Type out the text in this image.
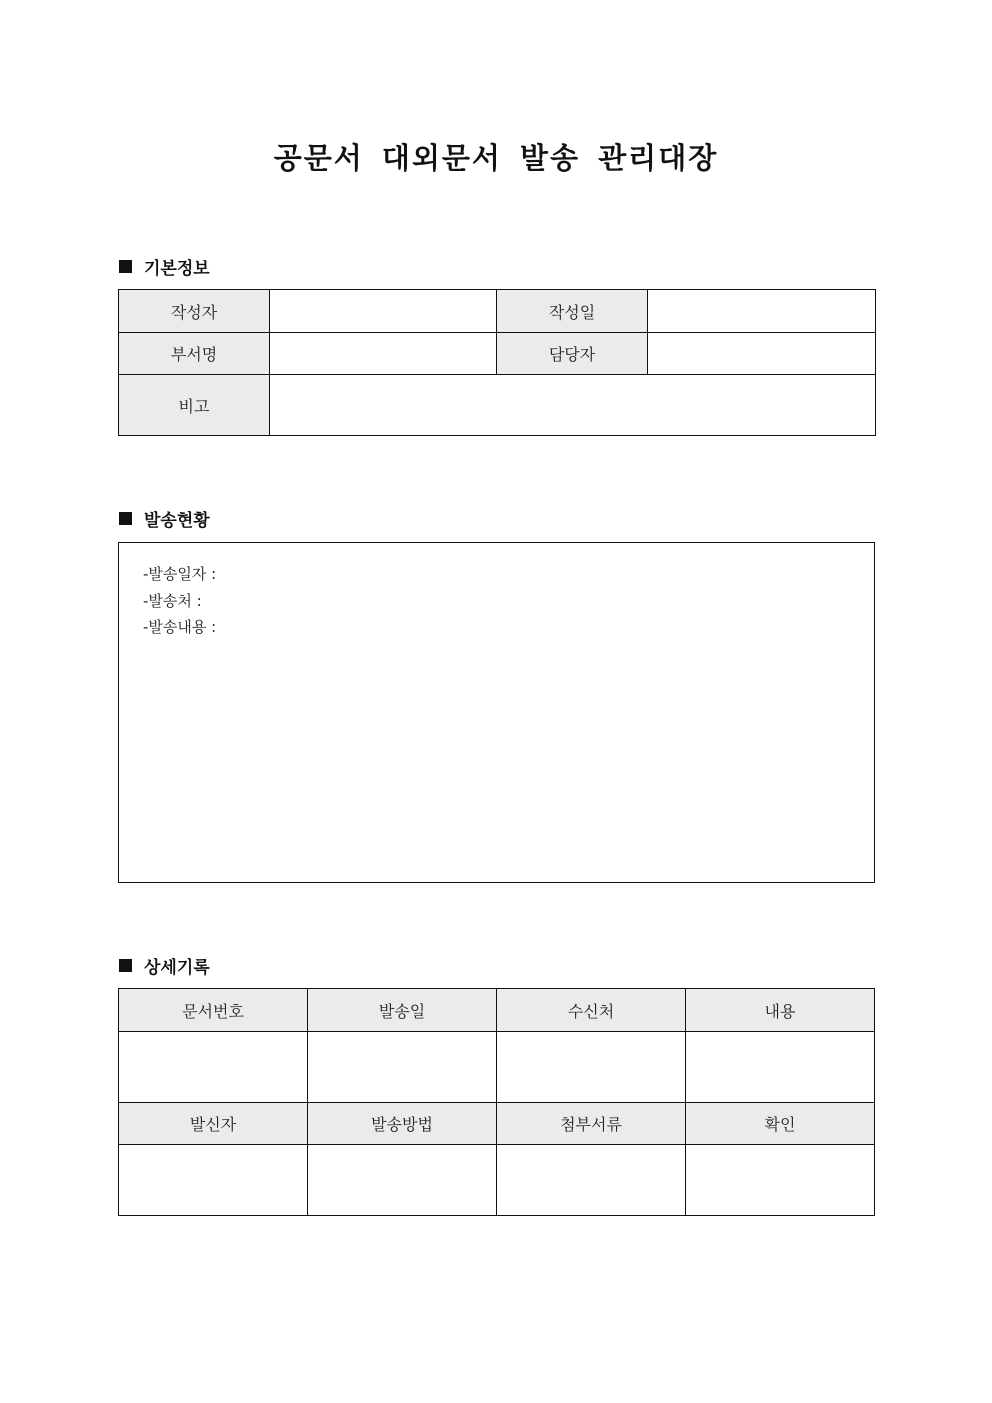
공문서 대외문서 발송 관리대장
기본정보
작성자		작성일	
부서명		담당자	
비고			
발송현황
-발송일자 :
-발송처 :
-발송내용 :
상세기록
문서번호	발송일	수신처	내용

발신자	발송방법	첨부서류	확인
